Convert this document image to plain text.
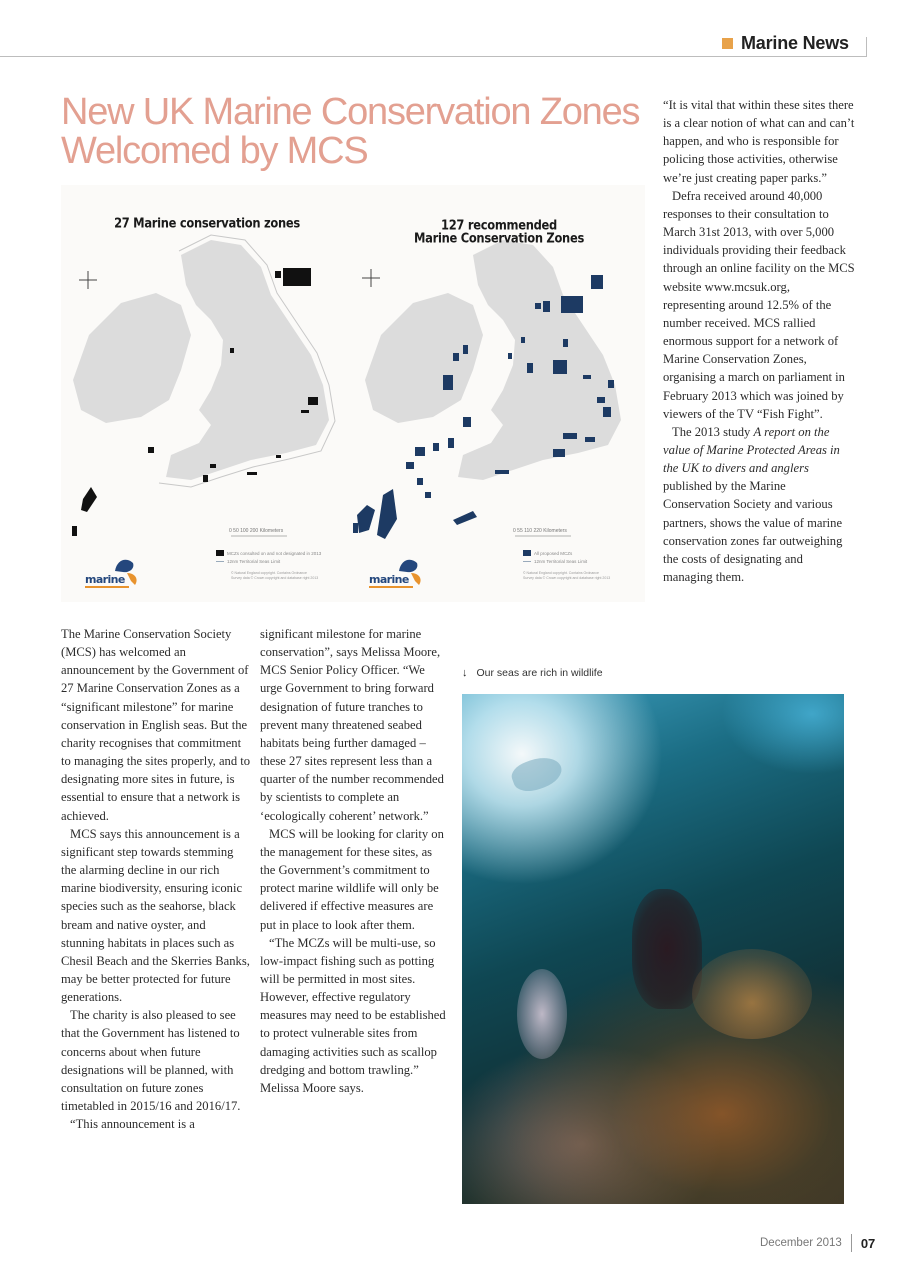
Marine News
New UK Marine Conservation Zones Welcomed by MCS
27 Marine conservation zones
0 50 100 200 Kilometers
MCZs consulted on and not designated in 2013
12nm Territorial Seas Limit
© Natural England copyright. Contains Ordnance
Survey data © Crown copyright and database right 2013
marine
127 recommended
Marine Conservation Zones
0 55 110 220 Kilometers
All proposed MCZs
12nm Territorial Seas Limit
© Natural England copyright. Contains Ordnance
Survey data © Crown copyright and database right 2013
marine

The Marine Conservation Society (MCS) has welcomed an announcement by the Government of 27 Marine Conservation Zones as a “significant milestone” for marine conservation in English seas. But the charity recognises that commitment to managing the sites properly, and to designating more sites in future, is essential to ensure that a network is achieved.

MCS says this announcement is a significant step towards stemming the alarming decline in our rich marine biodiversity, ensuring iconic species such as the seahorse, black bream and native oyster, and stunning habitats in places such as Chesil Beach and the Skerries Banks, may be better protected for future generations.

The charity is also pleased to see that the Government has listened to concerns about when future designations will be planned, with consultation on future zones timetabled in 2015/16 and 2016/17.

“This announcement is a

significant milestone for marine conservation”, says Melissa Moore, MCS Senior Policy Officer. “We urge Government to bring forward designation of future tranches to prevent many threatened seabed habitats being further damaged – these 27 sites represent less than a quarter of the number recommended by scientists to complete an ‘ecologically coherent’ network.”

MCS will be looking for clarity on the management for these sites, as the Government’s commitment to protect marine wildlife will only be delivered if effective measures are put in place to look after them.

“The MCZs will be multi-use, so low-impact fishing such as potting will be permitted in most sites. However, effective regulatory measures may need to be established to protect vulnerable sites from damaging activities such as scallop dredging and bottom trawling.” Melissa Moore says.

“It is vital that within these sites there is a clear notion of what can and can’t happen, and who is responsible for policing those activities, otherwise we’re just creating paper parks.”

Defra received around 40,000 responses to their consultation to March 31st 2013, with over 5,000 individuals providing their feedback through an online facility on the MCS website www.mcsuk.org, representing around 12.5% of the number received. MCS rallied enormous support for a network of Marine Conservation Zones, organising a march on parliament in February 2013 which was joined by viewers of the TV “Fish Fight”.

The 2013 study A report on the value of Marine Protected Areas in the UK to divers and anglers published by the Marine Conservation Society and various partners, shows the value of marine conservation zones far outweighing the costs of designating and managing them.

↓ Our seas are rich in wildlife
December 2013 07
